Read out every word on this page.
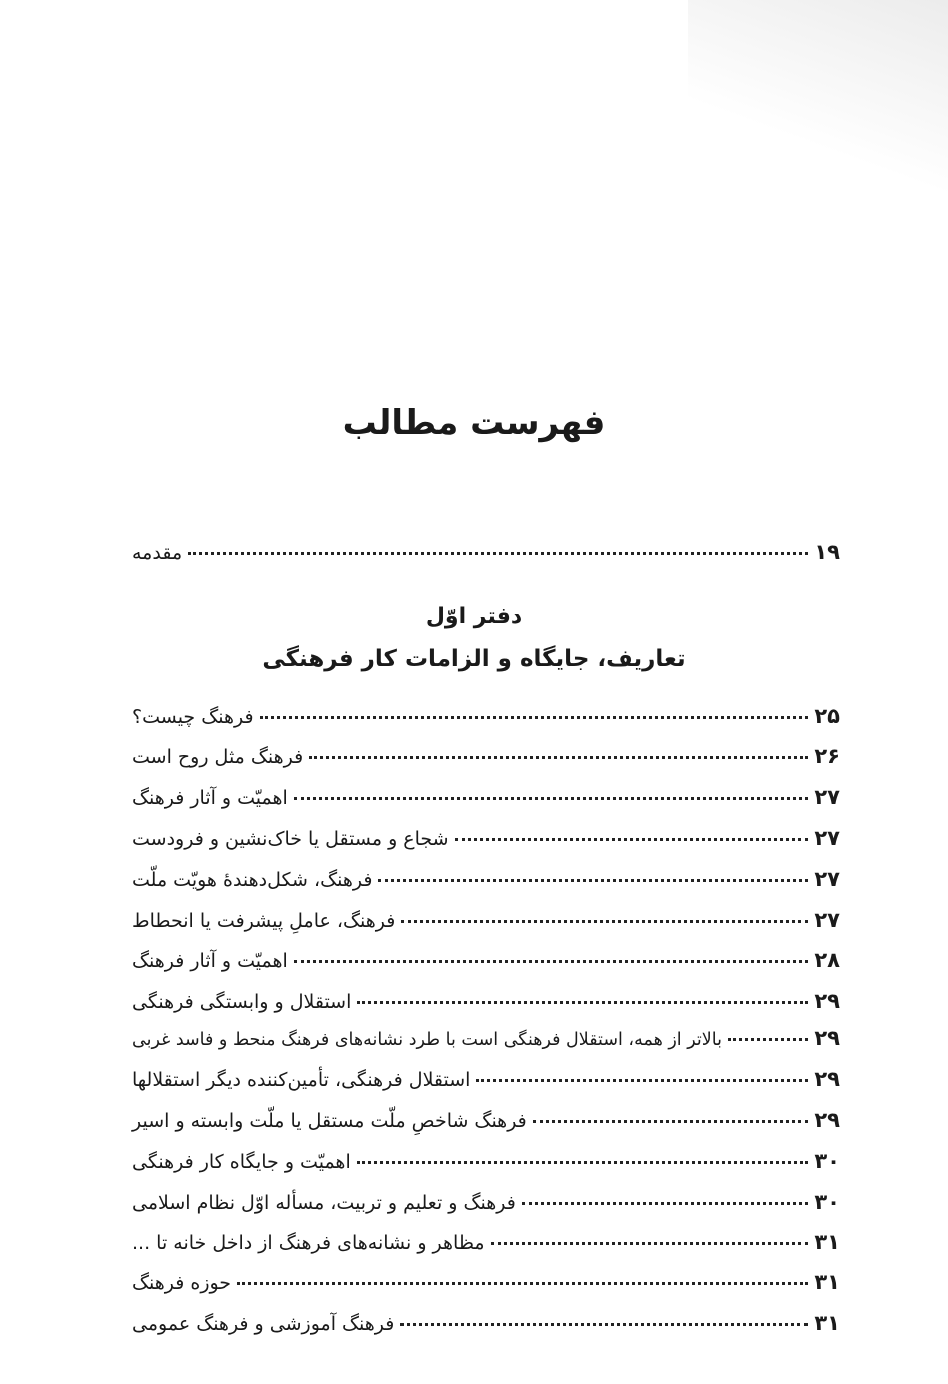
فهرست مطالب
مقدمه	۱۹
دفتر اوّل
تعاریف، جایگاه و الزامات کار فرهنگی
فرهنگ چیست؟	۲۵
فرهنگ مثل روح است	۲۶
اهمیّت و آثار فرهنگ	۲۷
شجاع و مستقل یا خاک‌نشین و فرودست	۲۷
فرهنگ، شکل‌دهندهٔ هویّت ملّت	۲۷
فرهنگ، عاملِ پیشرفت یا انحطاط	۲۷
اهمیّت و آثار فرهنگ	۲۸
استقلال و وابستگی فرهنگی	۲۹
بالاتر از همه، استقلال فرهنگی است با طرد نشانه‌های فرهنگ منحط و فاسد غربی	۲۹
استقلال فرهنگی، تأمین‌کننده دیگر استقلالها	۲۹
فرهنگ شاخصِ ملّت مستقل یا ملّت وابسته و اسیر	۲۹
اهمیّت و جایگاه کار فرهنگی	۳۰
فرهنگ و تعلیم و تربیت، مسأله اوّل نظام اسلامی	۳۰
مظاهر و نشانه‌های فرهنگ از داخل خانه تا ...	۳۱
حوزه فرهنگ	۳۱
فرهنگ آموزشی و فرهنگ عمومی	۳۱
